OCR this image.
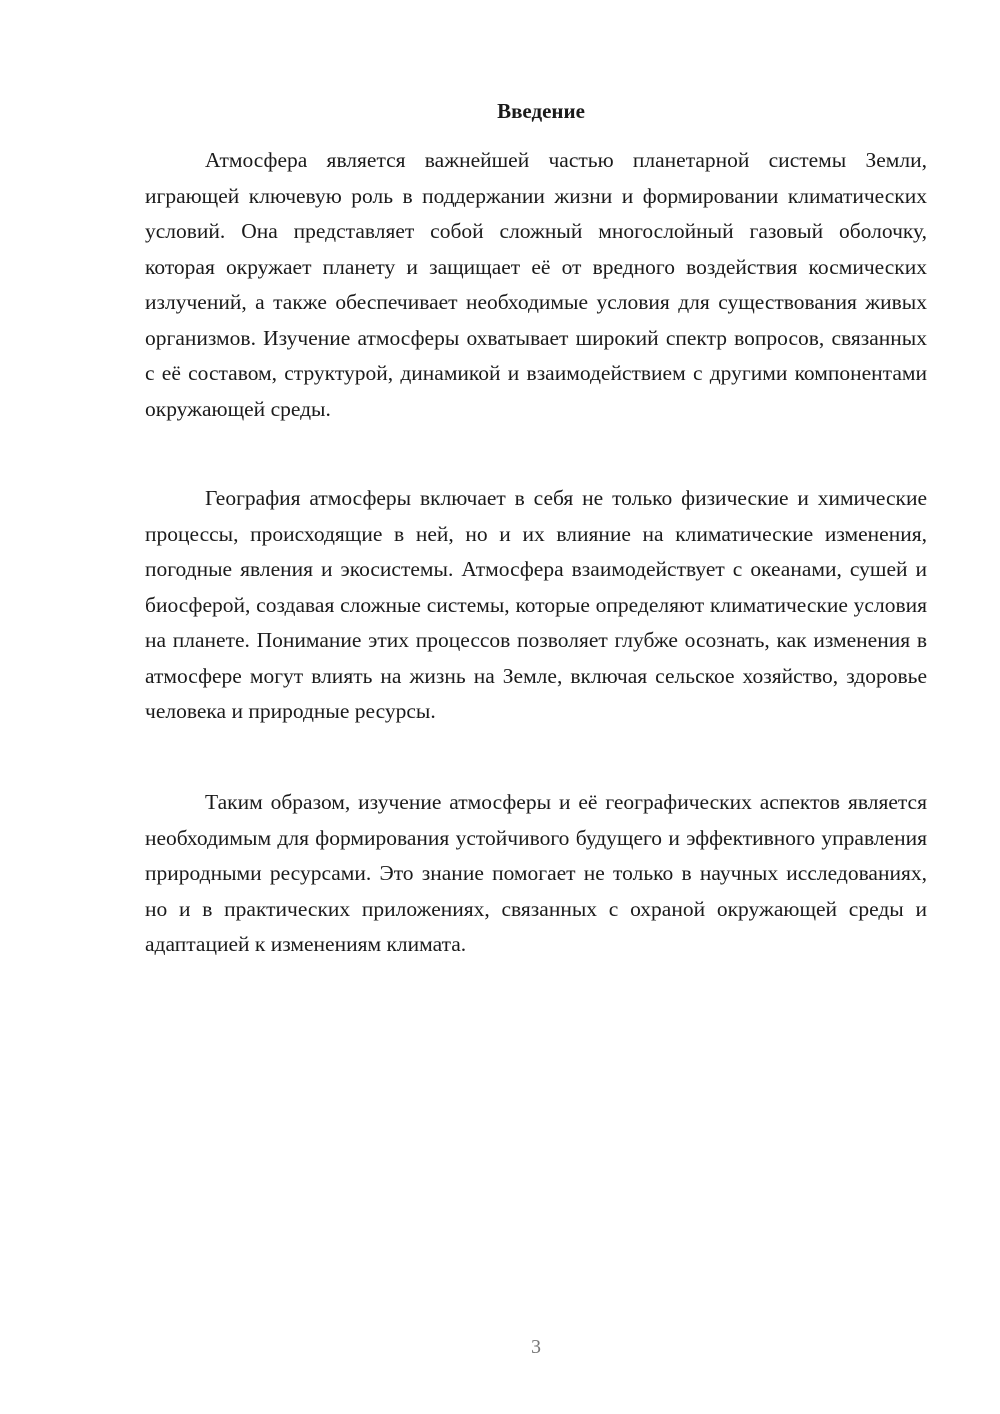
Введение

Атмосфера является важнейшей частью планетарной системы Земли, играющей ключевую роль в поддержании жизни и формировании климатических условий. Она представляет собой сложный многослойный газовый оболочку, которая окружает планету и защищает её от вредного воздействия космических излучений, а также обеспечивает необходимые условия для существования живых организмов. Изучение атмосферы охватывает широкий спектр вопросов, связанных с её составом, структурой, динамикой и взаимодействием с другими компонентами окружающей среды.

География атмосферы включает в себя не только физические и химические процессы, происходящие в ней, но и их влияние на климатические изменения, погодные явления и экосистемы. Атмосфера взаимодействует с океанами, сушей и биосферой, создавая сложные системы, которые определяют климатические условия на планете. Понимание этих процессов позволяет глубже осознать, как изменения в атмосфере могут влиять на жизнь на Земле, включая сельское хозяйство, здоровье человека и природные ресурсы.

Таким образом, изучение атмосферы и её географических аспектов является необходимым для формирования устойчивого будущего и эффективного управления природными ресурсами. Это знание помогает не только в научных исследованиях, но и в практических приложениях, связанных с охраной окружающей среды и адаптацией к изменениям климата.

3
